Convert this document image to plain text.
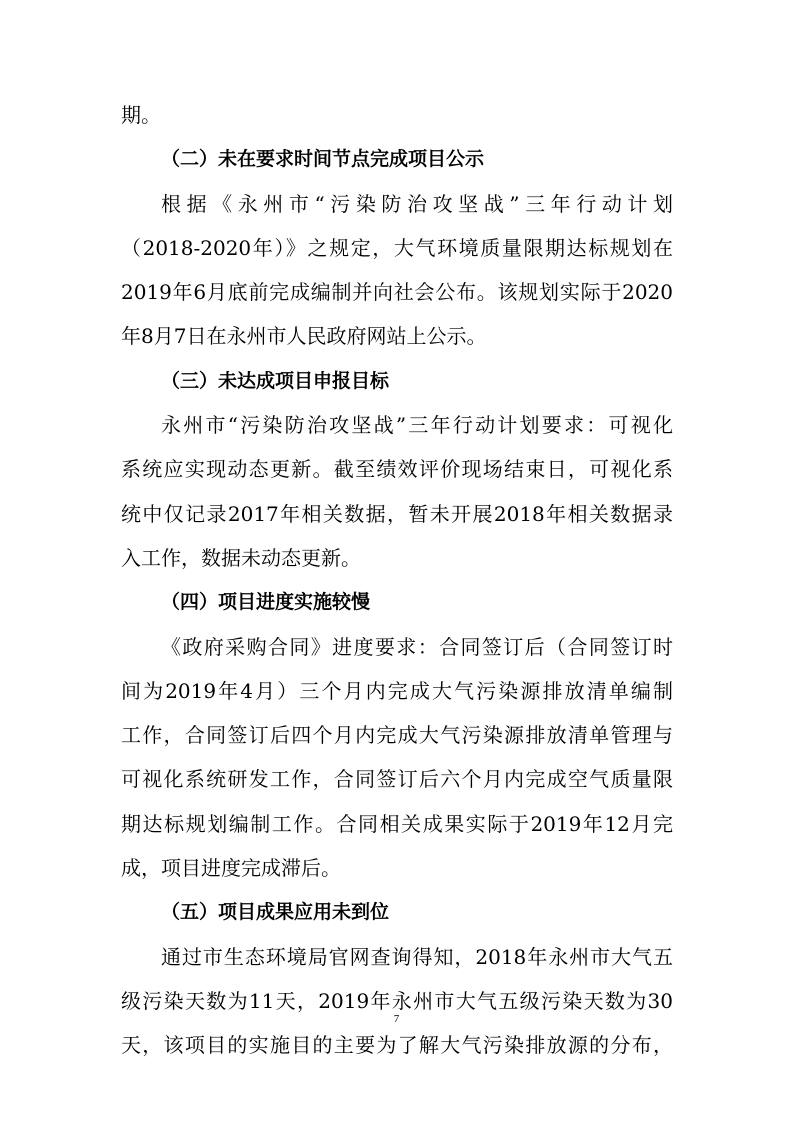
期。
（二）未在要求时间节点完成项目公示
根据《永州市“污染防治攻坚战”三年行动计划
（2018-2020年）》之规定，大气环境质量限期达标规划在
2019年6月底前完成编制并向社会公布。该规划实际于2020
年8月7日在永州市人民政府网站上公示。
（三）未达成项目申报目标
永州市“污染防治攻坚战”三年行动计划要求：可视化
系统应实现动态更新。截至绩效评价现场结束日，可视化系
统中仅记录2017年相关数据，暂未开展2018年相关数据录
入工作，数据未动态更新。
（四）项目进度实施较慢
《政府采购合同》进度要求：合同签订后（合同签订时
间为2019年4月）三个月内完成大气污染源排放清单编制
工作，合同签订后四个月内完成大气污染源排放清单管理与
可视化系统研发工作，合同签订后六个月内完成空气质量限
期达标规划编制工作。合同相关成果实际于2019年12月完
成，项目进度完成滞后。
（五）项目成果应用未到位
通过市生态环境局官网查询得知，2018年永州市大气五
级污染天数为11天，2019年永州市大气五级污染天数为30
天，该项目的实施目的主要为了解大气污染排放源的分布，
7
